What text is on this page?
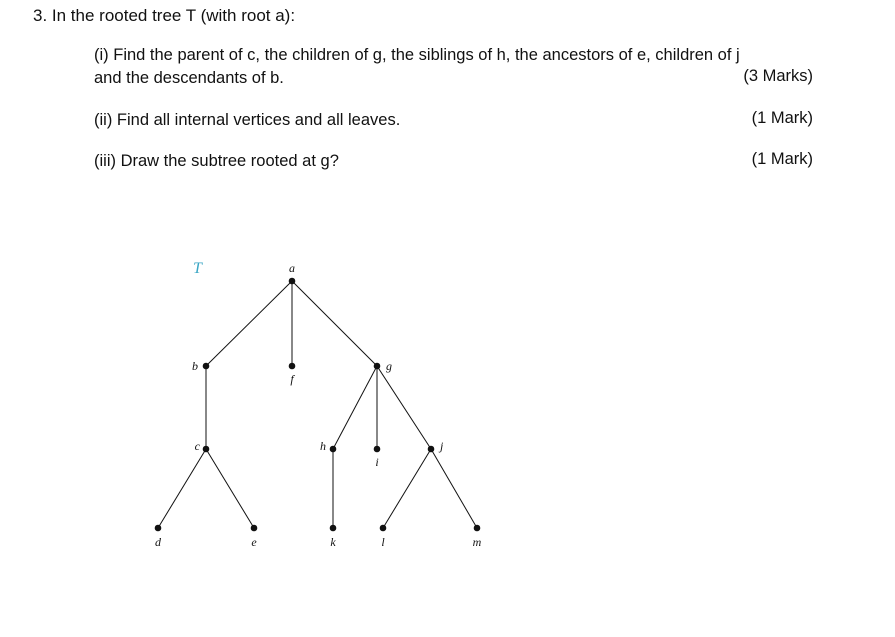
3. In the rooted tree T (with root a):
(i) Find the parent of c, the children of g, the siblings of h, the ancestors of e, children of j
and the descendants of b.	(3 Marks)
(ii) Find all internal vertices and all leaves.	(1 Mark)
(iii) Draw the subtree rooted at g?	(1 Mark)
T	a
b
f
g
c	h
i
j
d	e	k	l	m
